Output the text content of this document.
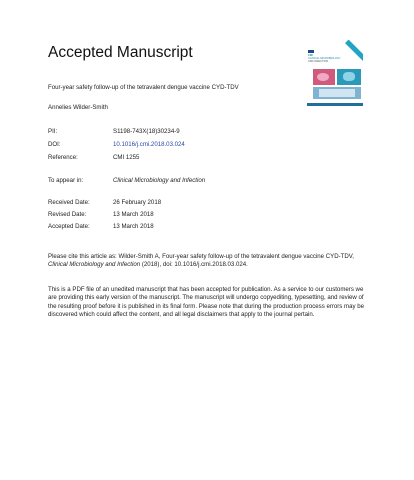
Accepted Manuscript	CMI
CLINICAL MICROBIOLOGY
AND INFECTION
Four-year safety follow-up of the tetravalent dengue vaccine CYD-TDV
Annelies Wilder-Smith
PII:	S1198-743X(18)30234-9
DOI:	10.1016/j.cmi.2018.03.024
Reference:	CMI 1255
To appear in:	Clinical Microbiology and Infection
Received Date:	26 February 2018
Revised Date:	13 March 2018
Accepted Date:	13 March 2018
Please cite this article as: Wilder-Smith A, Four-year safety follow-up of the tetravalent dengue vaccine CYD-TDV, Clinical Microbiology and Infection (2018), doi: 10.1016/j.cmi.2018.03.024.
This is a PDF file of an unedited manuscript that has been accepted for publication. As a service to our customers we are providing this early version of the manuscript. The manuscript will undergo copyediting, typesetting, and review of the resulting proof before it is published in its final form. Please note that during the production process errors may be discovered which could affect the content, and all legal disclaimers that apply to the journal pertain.
